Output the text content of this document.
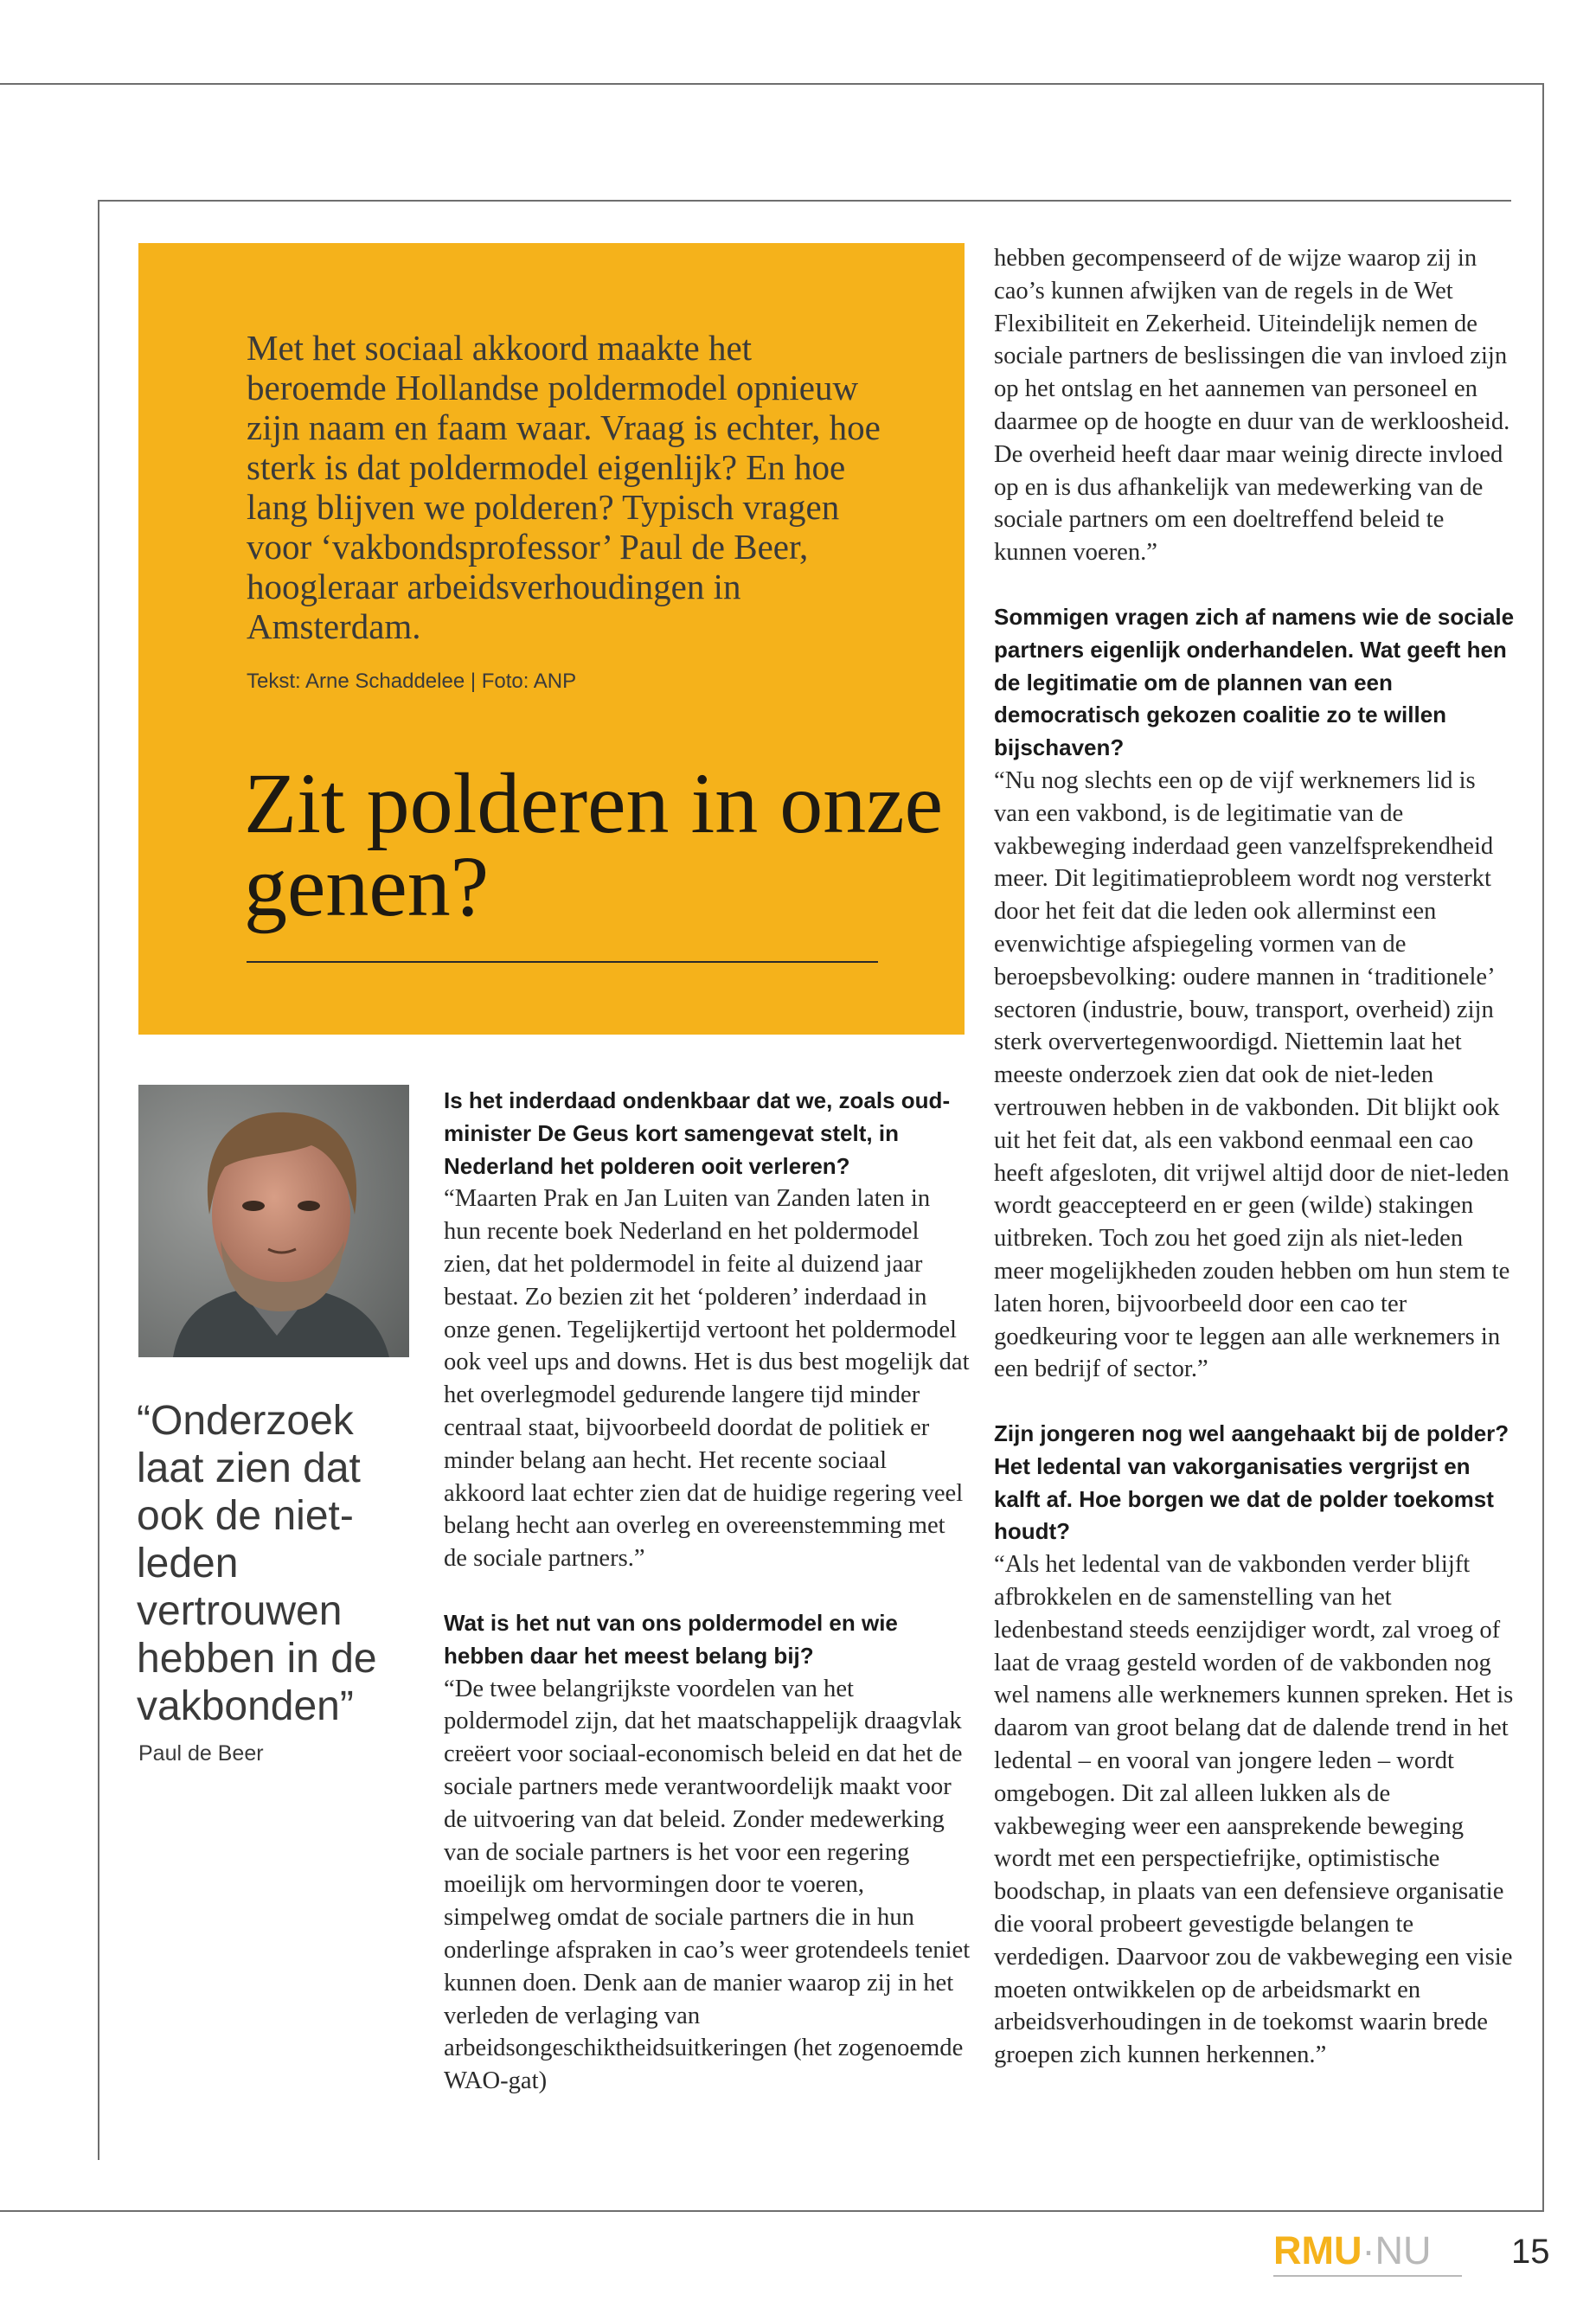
Met het sociaal akkoord maakte het beroemde Hollandse poldermodel opnieuw zijn naam en faam waar. Vraag is echter, hoe sterk is dat poldermodel eigenlijk? En hoe lang blijven we polderen? Typisch vragen voor ‘vakbondsprofessor’ Paul de Beer, hoogleraar arbeidsverhoudingen in Amsterdam.
Tekst: Arne Schaddelee | Foto: ANP
Zit polderen in onze genen?
“Onderzoek laat zien dat ook de niet-leden vertrouwen hebben in de vakbonden”
Paul de Beer

Is het inderdaad ondenkbaar dat we, zoals oud-minister De Geus kort samengevat stelt, in Nederland het polderen ooit verleren?

“Maarten Prak en Jan Luiten van Zanden laten in hun recente boek Nederland en het poldermodel zien, dat het poldermodel in feite al duizend jaar bestaat. Zo bezien zit het ‘polderen’ inderdaad in onze genen. Tegelijkertijd vertoont het poldermodel ook veel ups and downs. Het is dus best mogelijk dat het overlegmodel gedurende langere tijd minder centraal staat, bijvoorbeeld doordat de politiek er minder belang aan hecht. Het recente sociaal akkoord laat echter zien dat de huidige regering veel belang hecht aan overleg en overeenstemming met de sociale partners.”

Wat is het nut van ons poldermodel en wie hebben daar het meest belang bij?

“De twee belangrijkste voordelen van het poldermodel zijn, dat het maatschappelijk draagvlak creëert voor sociaal-economisch beleid en dat het de sociale partners mede verantwoordelijk maakt voor de uitvoering van dat beleid. Zonder medewerking van de sociale partners is het voor een regering moeilijk om hervormingen door te voeren, simpelweg omdat de sociale partners die in hun onderlinge afspraken in cao’s weer grotendeels teniet kunnen doen. Denk aan de manier waarop zij in het verleden de verlaging van arbeidsongeschiktheidsuitkeringen (het zogenoemde WAO-gat)

hebben gecompenseerd of de wijze waarop zij in cao’s kunnen afwijken van de regels in de Wet Flexibiliteit en Zekerheid. Uiteindelijk nemen de sociale partners de beslissingen die van invloed zijn op het ontslag en het aannemen van personeel en daarmee op de hoogte en duur van de werkloosheid. De overheid heeft daar maar weinig directe invloed op en is dus afhankelijk van medewerking van de sociale partners om een doeltreffend beleid te kunnen voeren.”

Sommigen vragen zich af namens wie de sociale partners eigenlijk onderhandelen. Wat geeft hen de legitimatie om de plannen van een democratisch gekozen coalitie zo te willen bijschaven?

“Nu nog slechts een op de vijf werknemers lid is van een vakbond, is de legitimatie van de vakbeweging inderdaad geen vanzelfsprekendheid meer. Dit legitimatieprobleem wordt nog versterkt door het feit dat die leden ook allerminst een evenwichtige afspiegeling vormen van de beroepsbevolking: oudere mannen in ‘traditionele’ sectoren (industrie, bouw, transport, overheid) zijn sterk oververtegenwoordigd. Niettemin laat het meeste onderzoek zien dat ook de niet-leden vertrouwen hebben in de vakbonden. Dit blijkt ook uit het feit dat, als een vakbond eenmaal een cao heeft afgesloten, dit vrijwel altijd door de niet-leden wordt geaccepteerd en er geen (wilde) stakingen uitbreken. Toch zou het goed zijn als niet-leden meer mogelijkheden zouden hebben om hun stem te laten horen, bijvoorbeeld door een cao ter goedkeuring voor te leggen aan alle werknemers in een bedrijf of sector.”

Zijn jongeren nog wel aangehaakt bij de polder? Het ledental van vakorganisaties vergrijst en kalft af. Hoe borgen we dat de polder toekomst houdt?

“Als het ledental van de vakbonden verder blijft afbrokkelen en de samenstelling van het ledenbestand steeds eenzijdiger wordt, zal vroeg of laat de vraag gesteld worden of de vakbonden nog wel namens alle werknemers kunnen spreken. Het is daarom van groot belang dat de dalende trend in het ledental – en vooral van jongere leden – wordt omgebogen. Dit zal alleen lukken als de vakbeweging weer een aansprekende beweging wordt met een perspectiefrijke, optimistische boodschap, in plaats van een defensieve organisatie die vooral probeert gevestigde belangen te verdedigen. Daarvoor zou de vakbeweging een visie moeten ontwikkelen op de arbeidsmarkt en arbeidsverhoudingen in de toekomst waarin brede groepen zich kunnen herkennen.”

RMU·NU 15
